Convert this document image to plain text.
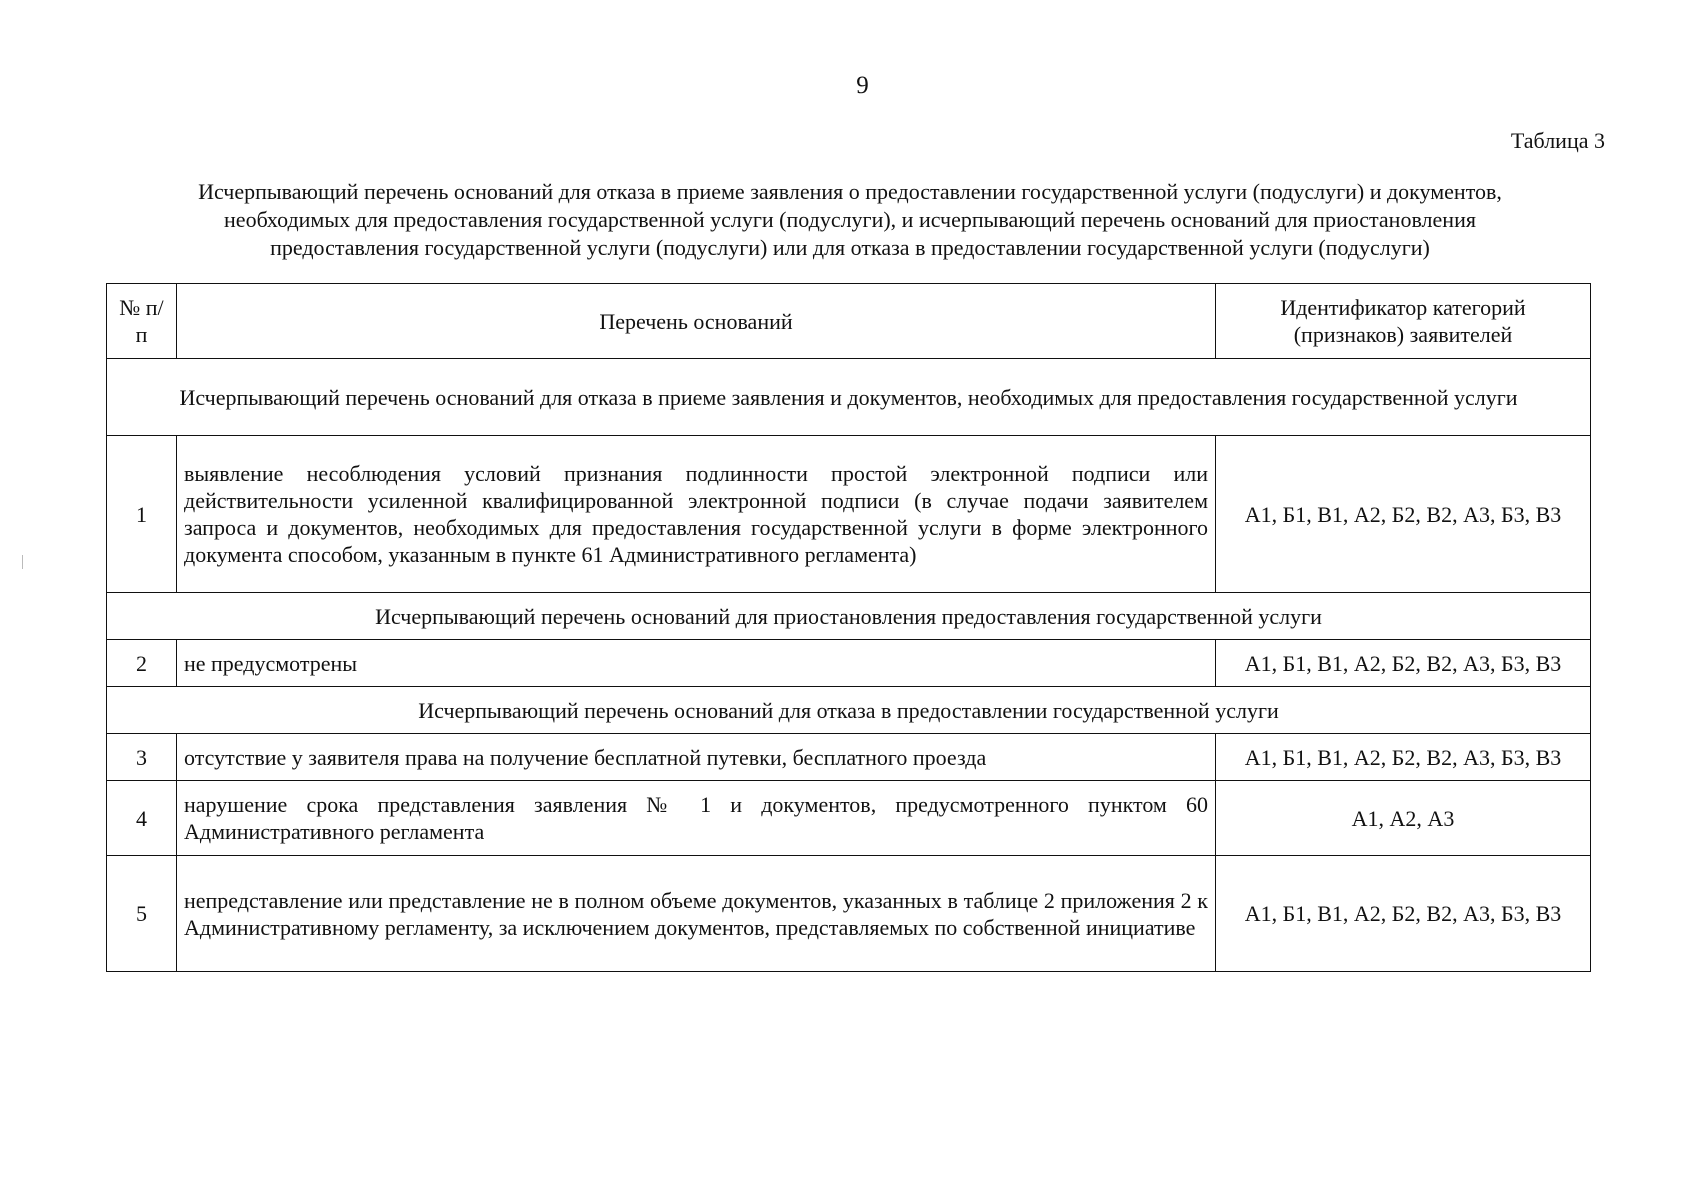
9
Таблица 3
Исчерпывающий перечень оснований для отказа в приеме заявления о предоставлении государственной услуги (подуслуги) и документов,
необходимых для предоставления государственной услуги (подуслуги), и исчерпывающий перечень оснований для приостановления
предоставления государственной услуги (подуслуги) или для отказа в предоставлении государственной услуги (подуслуги)
№ п/п	Перечень оснований	Идентификатор категорий (признаков) заявителей
Исчерпывающий перечень оснований для отказа в приеме заявления и документов, необходимых для предоставления государственной услуги		
1	выявление несоблюдения условий признания подлинности простой электронной подписи или действительности усиленной квалифицированной электронной подписи (в случае подачи заявителем запроса и документов, необходимых для предоставления государственной услуги в форме электронного документа способом, указанным в пункте 61 Административного регламента)	А1, Б1, В1, А2, Б2, В2, А3, Б3, В3
Исчерпывающий перечень оснований для приостановления предоставления государственной услуги		
2	не предусмотрены	А1, Б1, В1, А2, Б2, В2, А3, Б3, В3
Исчерпывающий перечень оснований для отказа в предоставлении государственной услуги		
3	отсутствие у заявителя права на получение бесплатной путевки, бесплатного проезда	А1, Б1, В1, А2, Б2, В2, А3, Б3, В3
4	нарушение срока представления заявления № 1 и документов, предусмотренного пунктом 60 Административного регламента	А1, А2, А3
5	непредставление или представление не в полном объеме документов, указанных в таблице 2 приложения 2 к Административному регламенту, за исключением документов, представляемых по собственной инициативе	А1, Б1, В1, А2, Б2, В2, А3, Б3, В3
